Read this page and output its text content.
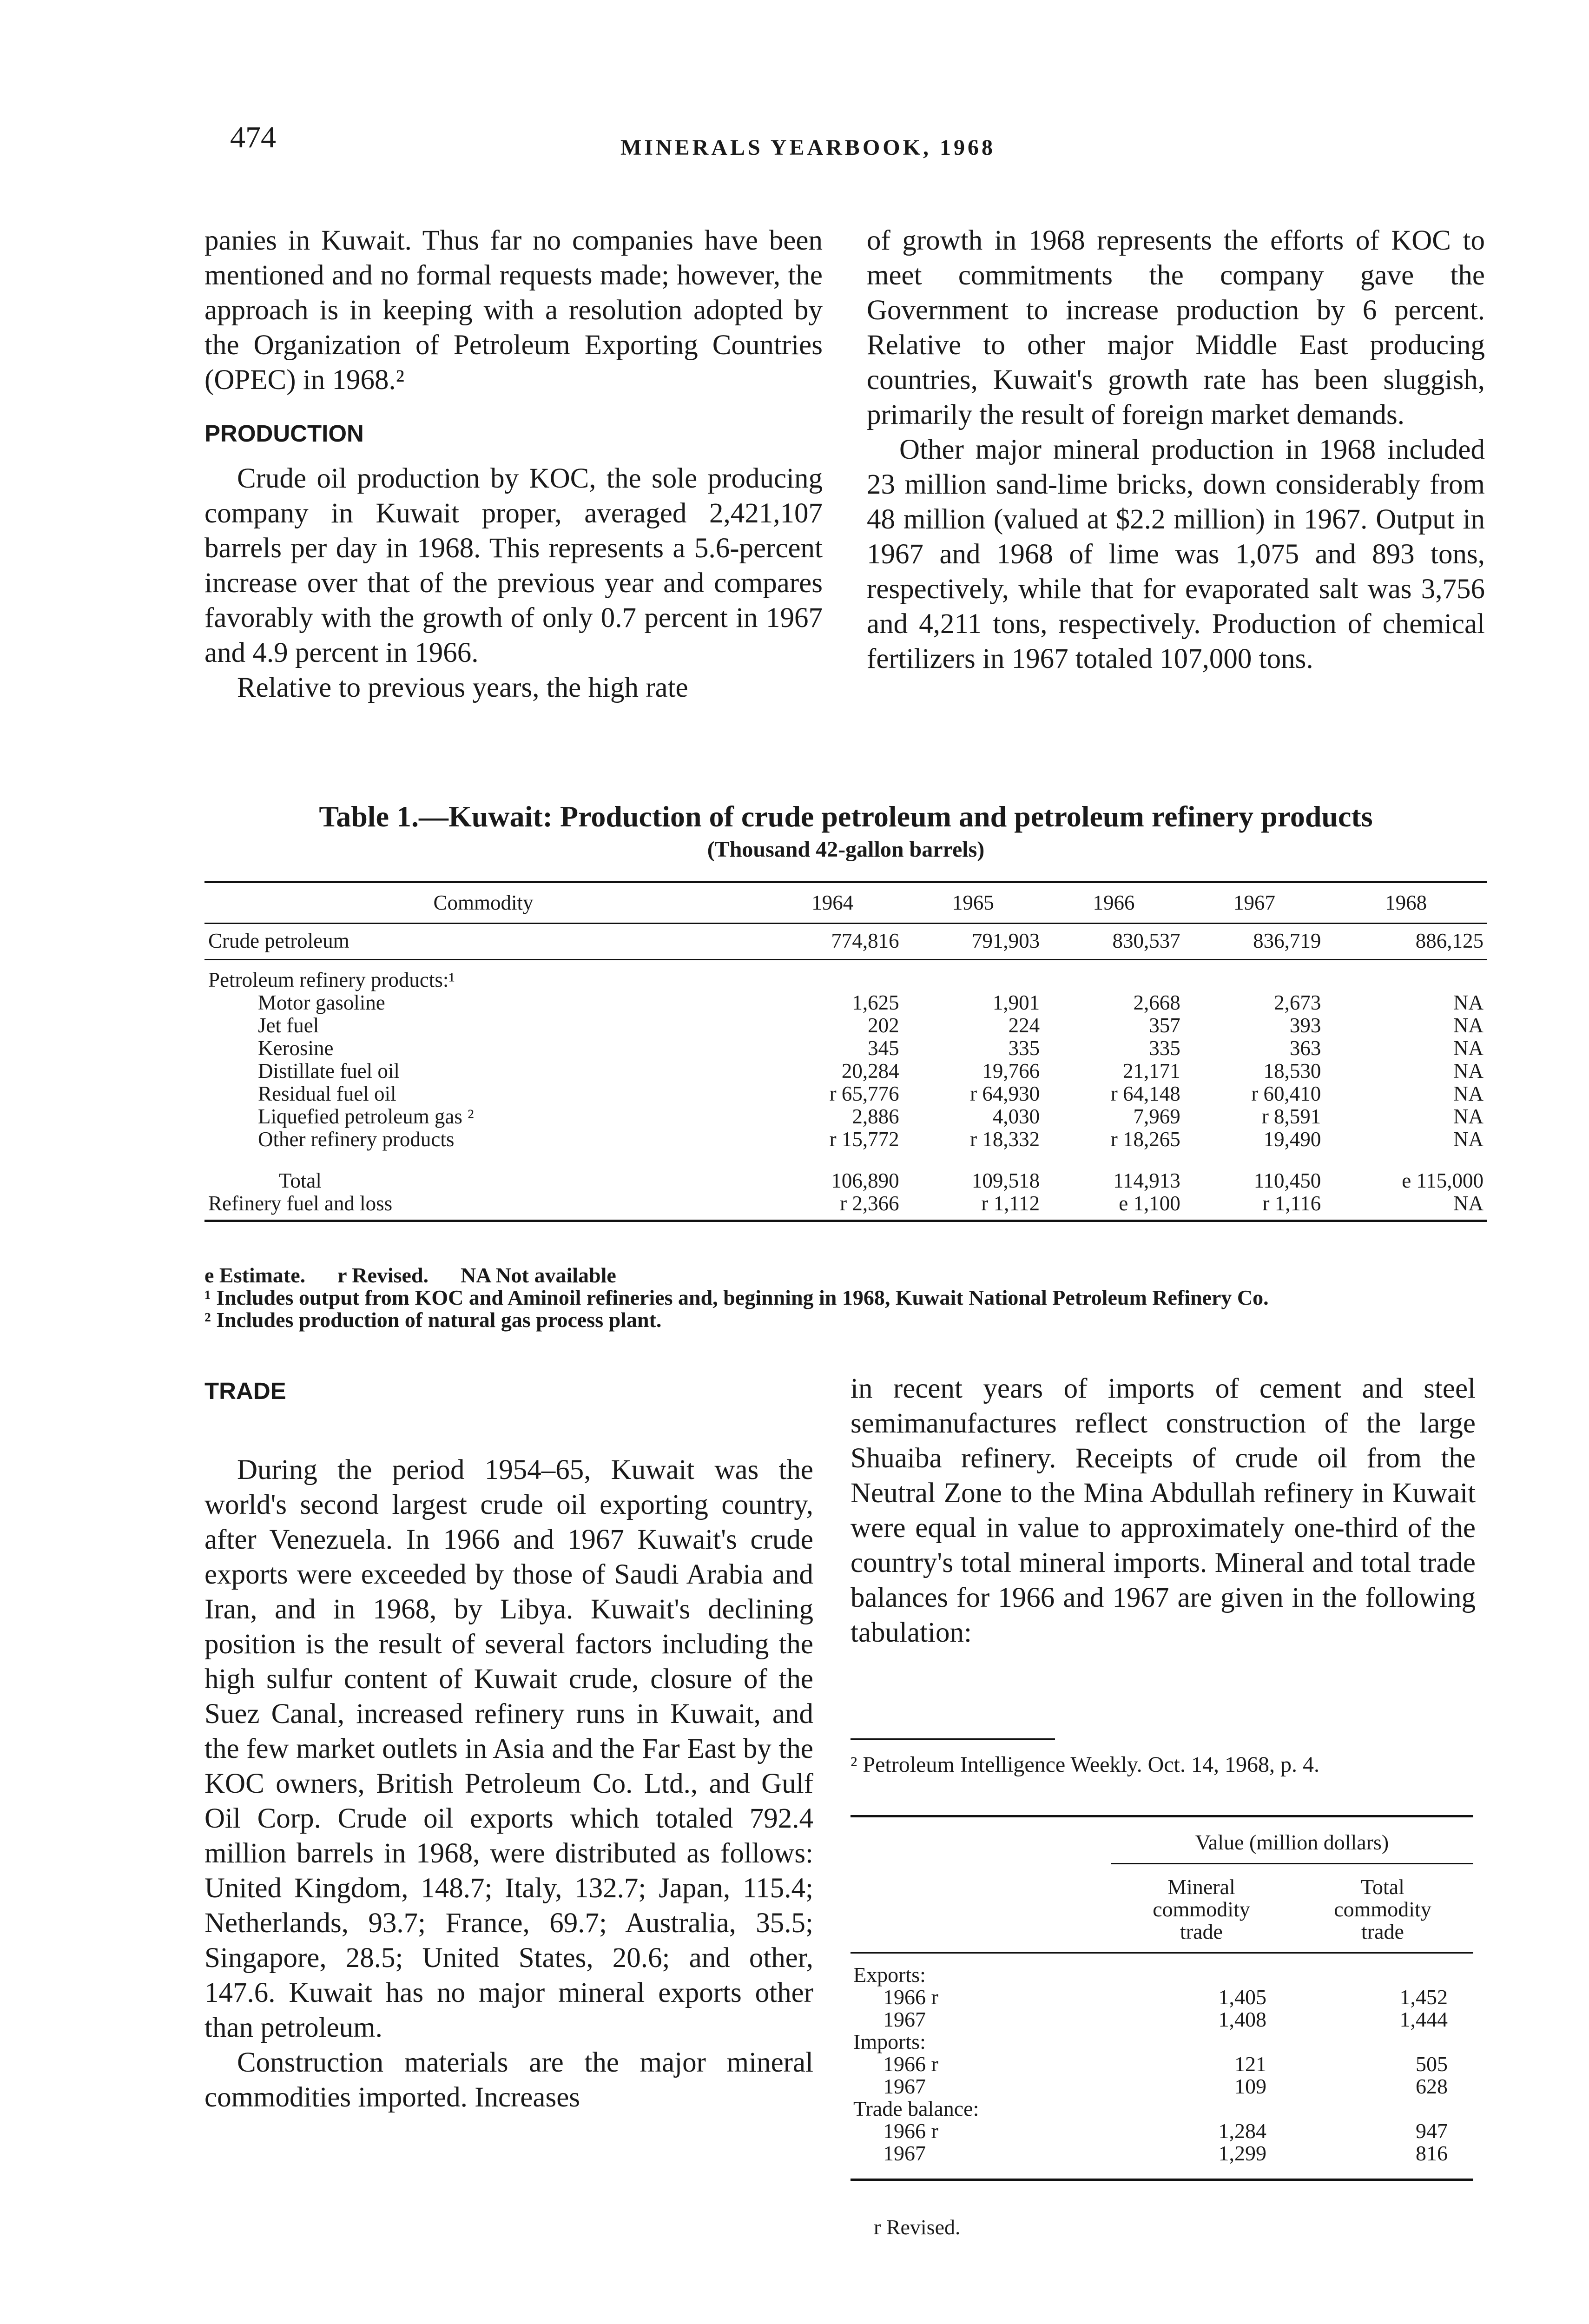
474	MINERALS YEARBOOK, 1968

panies in Kuwait. Thus far no companies have been mentioned and no formal requests made; however, the approach is in keeping with a resolution adopted by the Organization of Petroleum Exporting Countries (OPEC) in 1968.²

PRODUCTION

Crude oil production by KOC, the sole producing company in Kuwait proper, averaged 2,421,107 barrels per day in 1968. This represents a 5.6-percent increase over that of the previous year and compares favorably with the growth of only 0.7 percent in 1967 and 4.9 percent in 1966.

Relative to previous years, the high rate

of growth in 1968 represents the efforts of KOC to meet commitments the company gave the Government to increase production by 6 percent. Relative to other major Middle East producing countries, Kuwait's growth rate has been sluggish, primarily the result of foreign market demands.

Other major mineral production in 1968 included 23 million sand-lime bricks, down considerably from 48 million (valued at $2.2 million) in 1967. Output in 1967 and 1968 of lime was 1,075 and 893 tons, respectively, while that for evaporated salt was 3,756 and 4,211 tons, respectively. Production of chemical fertilizers in 1967 totaled 107,000 tons.

Table 1.—Kuwait: Production of crude petroleum and petroleum refinery products
(Thousand 42-gallon barrels)
Commodity	1964	1965	1966	1967	1968
Crude petroleum	774,816	791,903	830,537	836,719	886,125
Petroleum refinery products:¹					
Motor gasoline	1,625	1,901	2,668	2,673	NA
Jet fuel	202	224	357	393	NA
Kerosine	345	335	335	363	NA
Distillate fuel oil	20,284	19,766	21,171	18,530	NA
Residual fuel oil	r 65,776	r 64,930	r 64,148	r 60,410	NA
Liquefied petroleum gas ²	2,886	4,030	7,969	r 8,591	NA
Other refinery products	r 15,772	r 18,332	r 18,265	19,490	NA
Total	106,890	109,518	114,913	110,450	e 115,000
Refinery fuel and loss	r 2,366	r 1,112	e 1,100	r 1,116	NA

e Estimate.      r Revised.      NA Not available

¹ Includes output from KOC and Aminoil refineries and, beginning in 1968, Kuwait National Petroleum Refinery Co.

² Includes production of natural gas process plant.

TRADE

During the period 1954–65, Kuwait was the world's second largest crude oil exporting country, after Venezuela. In 1966 and 1967 Kuwait's crude exports were exceeded by those of Saudi Arabia and Iran, and in 1968, by Libya. Kuwait's declining position is the result of several factors including the high sulfur content of Kuwait crude, closure of the Suez Canal, increased refinery runs in Kuwait, and the few market outlets in Asia and the Far East by the KOC owners, British Petroleum Co. Ltd., and Gulf Oil Corp. Crude oil exports which totaled 792.4 million barrels in 1968, were distributed as follows: United Kingdom, 148.7; Italy, 132.7; Japan, 115.4; Netherlands, 93.7; France, 69.7; Australia, 35.5; Singapore, 28.5; United States, 20.6; and other, 147.6. Kuwait has no major mineral exports other than petroleum.

Construction materials are the major mineral commodities imported. Increases

in recent years of imports of cement and steel semimanufactures reflect construction of the large Shuaiba refinery. Receipts of crude oil from the Neutral Zone to the Mina Abdullah refinery in Kuwait were equal in value to approximately one-third of the country's total mineral imports. Mineral and total trade balances for 1966 and 1967 are given in the following tabulation:

² Petroleum Intelligence Weekly. Oct. 14, 1968, p. 4.
	Value (million dollars)	
	Mineral commodity trade	Total commodity trade
Exports:		
1966 r	1,405	1,452
1967	1,408	1,444
Imports:		
1966 r	121	505
1967	109	628
Trade balance:		
1966 r	1,284	947
1967	1,299	816
r Revised.
